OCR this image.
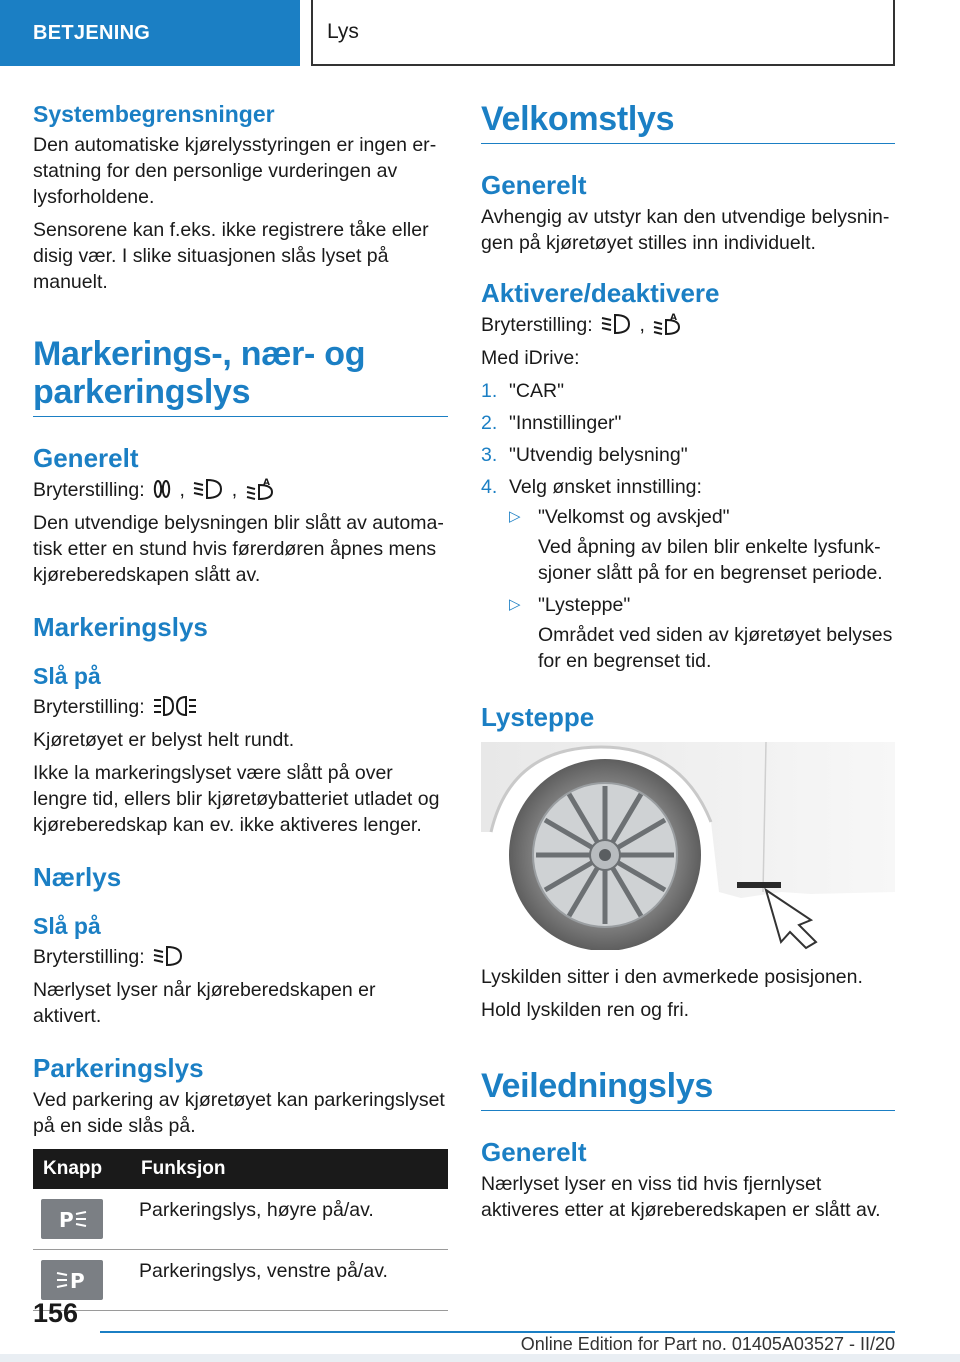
BETJENING	Lys
Systembegrensninger

Den automatiske kjørelysstyringen er ingen erstatning for den personlige vurderingen av lysforholdene.

Sensorene kan f.eks. ikke registrere tåke eller disig vær. I slike situasjonen slås lyset på manuelt.

Markerings-, nær- og parkeringslys
Generelt

Bryterstilling:
,
, A

Den utvendige belysningen blir slått av automatisk etter en stund hvis førerdøren åpnes mens kjøreberedskapen slått av.

Markeringslys
Slå på

Bryterstilling:

Kjøretøyet er belyst helt rundt.

Ikke la markeringslyset være slått på over lengre tid, ellers blir kjøretøybatteriet utladet og kjøreberedskap kan ev. ikke aktiveres lenger.

Nærlys
Slå på

Bryterstilling:

Nærlyset lyser når kjøreberedskapen er aktivert.

Parkeringslys

Ved parkering av kjøretøyet kan parkeringslyset på en side slås på.

Knapp	Funksjon

P	Parkeringslys, høyre på/av.

P	Parkeringslys, venstre på/av.
Velkomstlys
Generelt

Avhengig av utstyr kan den utvendige belysningen på kjøretøyet stilles inn individuelt.

Aktivere/deaktivere

Bryterstilling:
, A

Med iDrive:

1. "CAR"
2. "Innstillinger"
3. "Utvendig belysning"
4. Velg ønsket innstilling:
▷ "Velkomst og avskjed"
Ved åpning av bilen blir enkelte lysfunksjoner slått på for en begrenset periode.
▷ "Lysteppe"
Området ved siden av kjøretøyet belyses for en begrenset tid.
Lysteppe

Lyskilden sitter i den avmerkede posisjonen.

Hold lyskilden ren og fri.

Veiledningslys
Generelt

Nærlyset lyser en viss tid hvis fjernlyset aktiveres etter at kjøreberedskapen er slått av.

156
Online Edition for Part no. 01405A03527 - II/20
